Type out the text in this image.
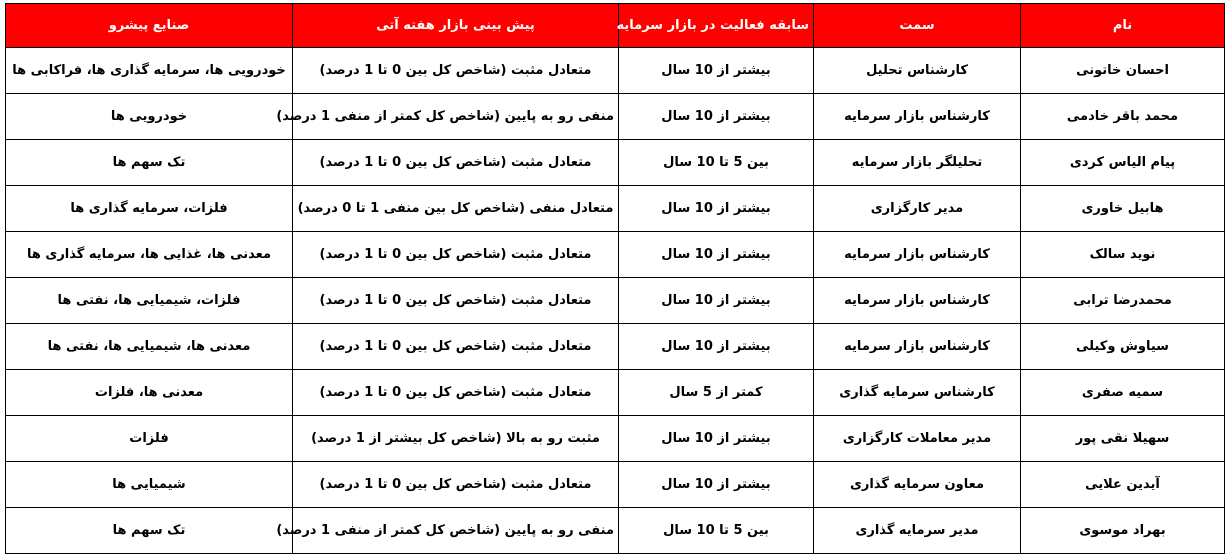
نام	سمت	سابقه فعالیت در بازار سرمایه	پیش بینی بازار هفته آتی	صنایع پیشرو
احسان خاتونی	کارشناس تحلیل	بیشتر از 10 سال	متعادل مثبت (شاخص کل بین 0 تا 1 درصد)	خودرویی ها، سرمایه گذاری ها، فراکابی ها
محمد باقر خادمی	کارشناس بازار سرمایه	بیشتر از 10 سال	منفی رو به پایین (شاخص کل کمتر از منفی 1 درصد)	خودرویی ها
پیام الیاس کردی	تحلیلگر بازار سرمایه	بین 5 تا 10 سال	متعادل مثبت (شاخص کل بین 0 تا 1 درصد)	تک سهم ها
هابیل خاوری	مدیر کارگزاری	بیشتر از 10 سال	متعادل منفی (شاخص کل بین منفی 1 تا 0 درصد)	فلزات، سرمایه گذاری ها
نوید سالک	کارشناس بازار سرمایه	بیشتر از 10 سال	متعادل مثبت (شاخص کل بین 0 تا 1 درصد)	معدنی ها، غذایی ها، سرمایه گذاری ها
محمدرضا ترابی	کارشناس بازار سرمایه	بیشتر از 10 سال	متعادل مثبت (شاخص کل بین 0 تا 1 درصد)	فلزات، شیمیایی ها، نفتی ها
سیاوش وکیلی	کارشناس بازار سرمایه	بیشتر از 10 سال	متعادل مثبت (شاخص کل بین 0 تا 1 درصد)	معدنی ها، شیمیایی ها، نفتی ها
سمیه صفری	کارشناس سرمایه گذاری	کمتر از 5 سال	متعادل مثبت (شاخص کل بین 0 تا 1 درصد)	معدنی ها، فلزات
سهیلا نقی پور	مدیر معاملات کارگزاری	بیشتر از 10 سال	مثبت رو به بالا (شاخص کل بیشتر از 1 درصد)	فلزات
آیدین علایی	معاون سرمایه گذاری	بیشتر از 10 سال	متعادل مثبت (شاخص کل بین 0 تا 1 درصد)	شیمیایی ها
بهراد موسوی	مدیر سرمایه گذاری	بین 5 تا 10 سال	منفی رو به پایین (شاخص کل کمتر از منفی 1 درصد)	تک سهم ها
